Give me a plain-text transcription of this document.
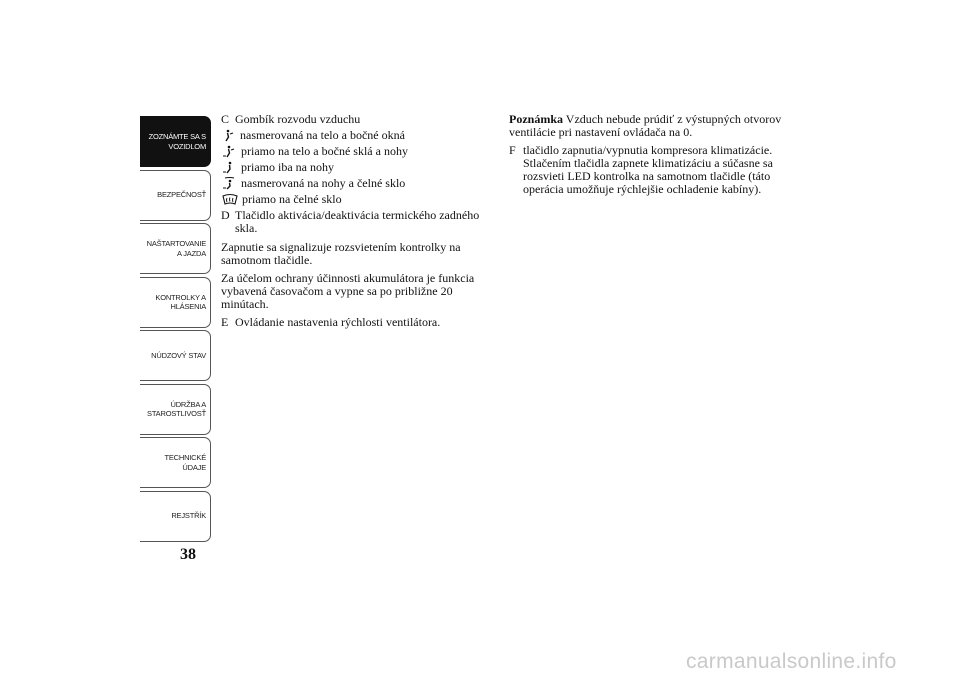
ZOZNÁMTE SA S
VOZIDLOM
BEZPEČNOSŤ
NAŠTARTOVANIE
A JAZDA
KONTROLKY A
HLÁSENIA
NÚDZOVÝ STAV
ÚDRŽBA A
STAROSTLIVOSŤ
TECHNICKÉ
ÚDAJE
REJSTŘÍK
38
C Gombík rozvodu vzduchu
nasmerovaná na telo a bočné okná
priamo na telo a bočné sklá a nohy
priamo iba na nohy
nasmerovaná na nohy a čelné sklo
priamo na čelné sklo
D Tlačidlo aktivácia/deaktivácia termického zadného skla.

Zapnutie sa signalizuje rozsvietením kontrolky na samotnom tlačidle.

Za účelom ochrany účinnosti akumulátora je funkcia vybavená časovačom a vypne sa po približne 20 minútach.

E Ovládanie nastavenia rýchlosti ventilátora.

Poznámka Vzduch nebude prúdiť z výstupných otvorov ventilácie pri nastavení ovládača na 0.

F tlačidlo zapnutia/vypnutia kompresora klimatizácie. Stlačením tlačidla zapnete klimatizáciu a súčasne sa rozsvieti LED kontrolka na samotnom tlačidle (táto operácia umožňuje rýchlejšie ochladenie kabíny).
carmanualsonline.info
